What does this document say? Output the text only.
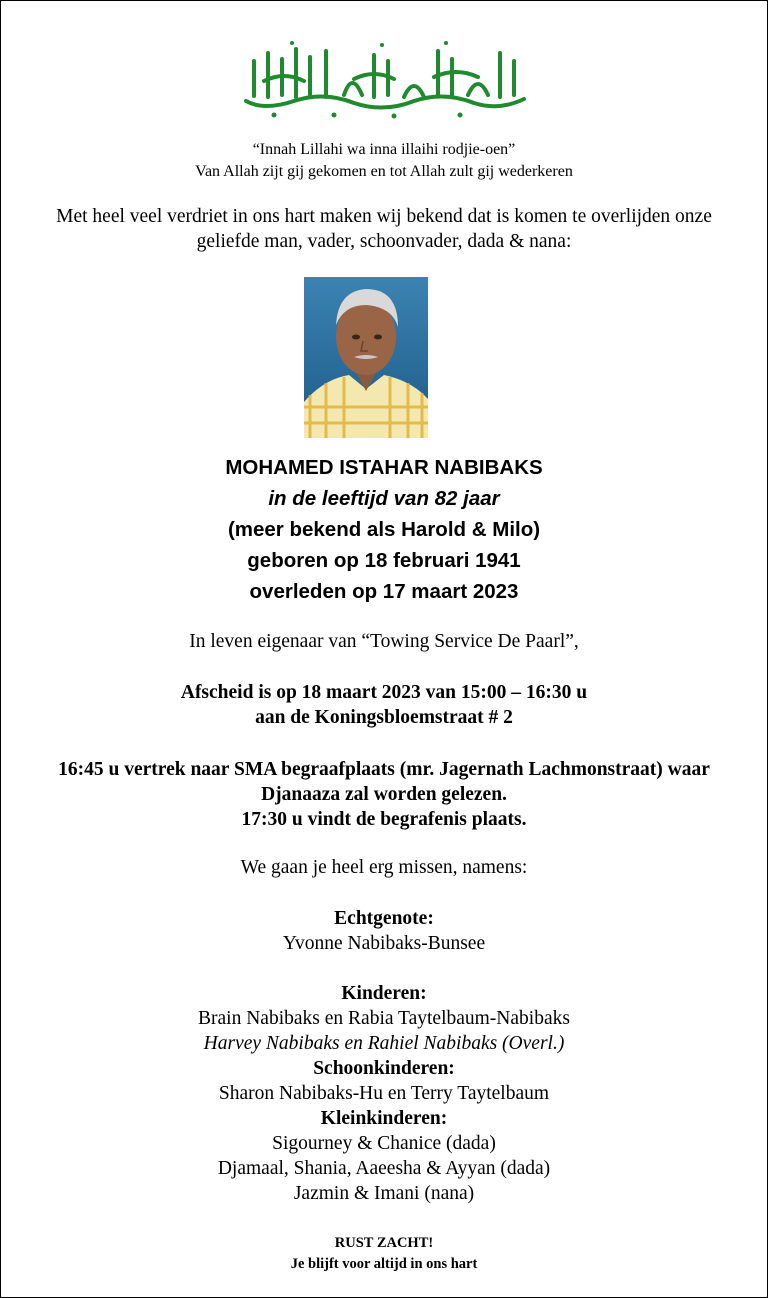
“Innah Lillahi wa inna illaihi rodjie-oen”
Van Allah zijt gij gekomen en tot Allah zult gij wederkeren
Met heel veel verdriet in ons hart maken wij bekend dat is komen te overlijden onze
geliefde man, vader, schoonvader, dada & nana:
MOHAMED ISTAHAR NABIBAKS
in de leeftijd van 82 jaar
(meer bekend als Harold & Milo)
geboren op 18 februari 1941
overleden op 17 maart 2023
In leven eigenaar van “Towing Service De Paarl”,
Afscheid is op 18 maart 2023 van 15:00 – 16:30 u
aan de Koningsbloemstraat # 2
16:45 u vertrek naar SMA begraafplaats (mr. Jagernath Lachmonstraat) waar
Djanaaza zal worden gelezen.
17:30 u vindt de begrafenis plaats.
We gaan je heel erg missen, namens:
Echtgenote:
Yvonne Nabibaks-Bunsee
Kinderen:
Brain Nabibaks en Rabia Taytelbaum-Nabibaks
Harvey Nabibaks en Rahiel Nabibaks (Overl.)
Schoonkinderen:
Sharon Nabibaks-Hu en Terry Taytelbaum
Kleinkinderen:
Sigourney & Chanice (dada)
Djamaal, Shania, Aaeesha & Ayyan (dada)
Jazmin & Imani (nana)
RUST ZACHT!
Je blijft voor altijd in ons hart
